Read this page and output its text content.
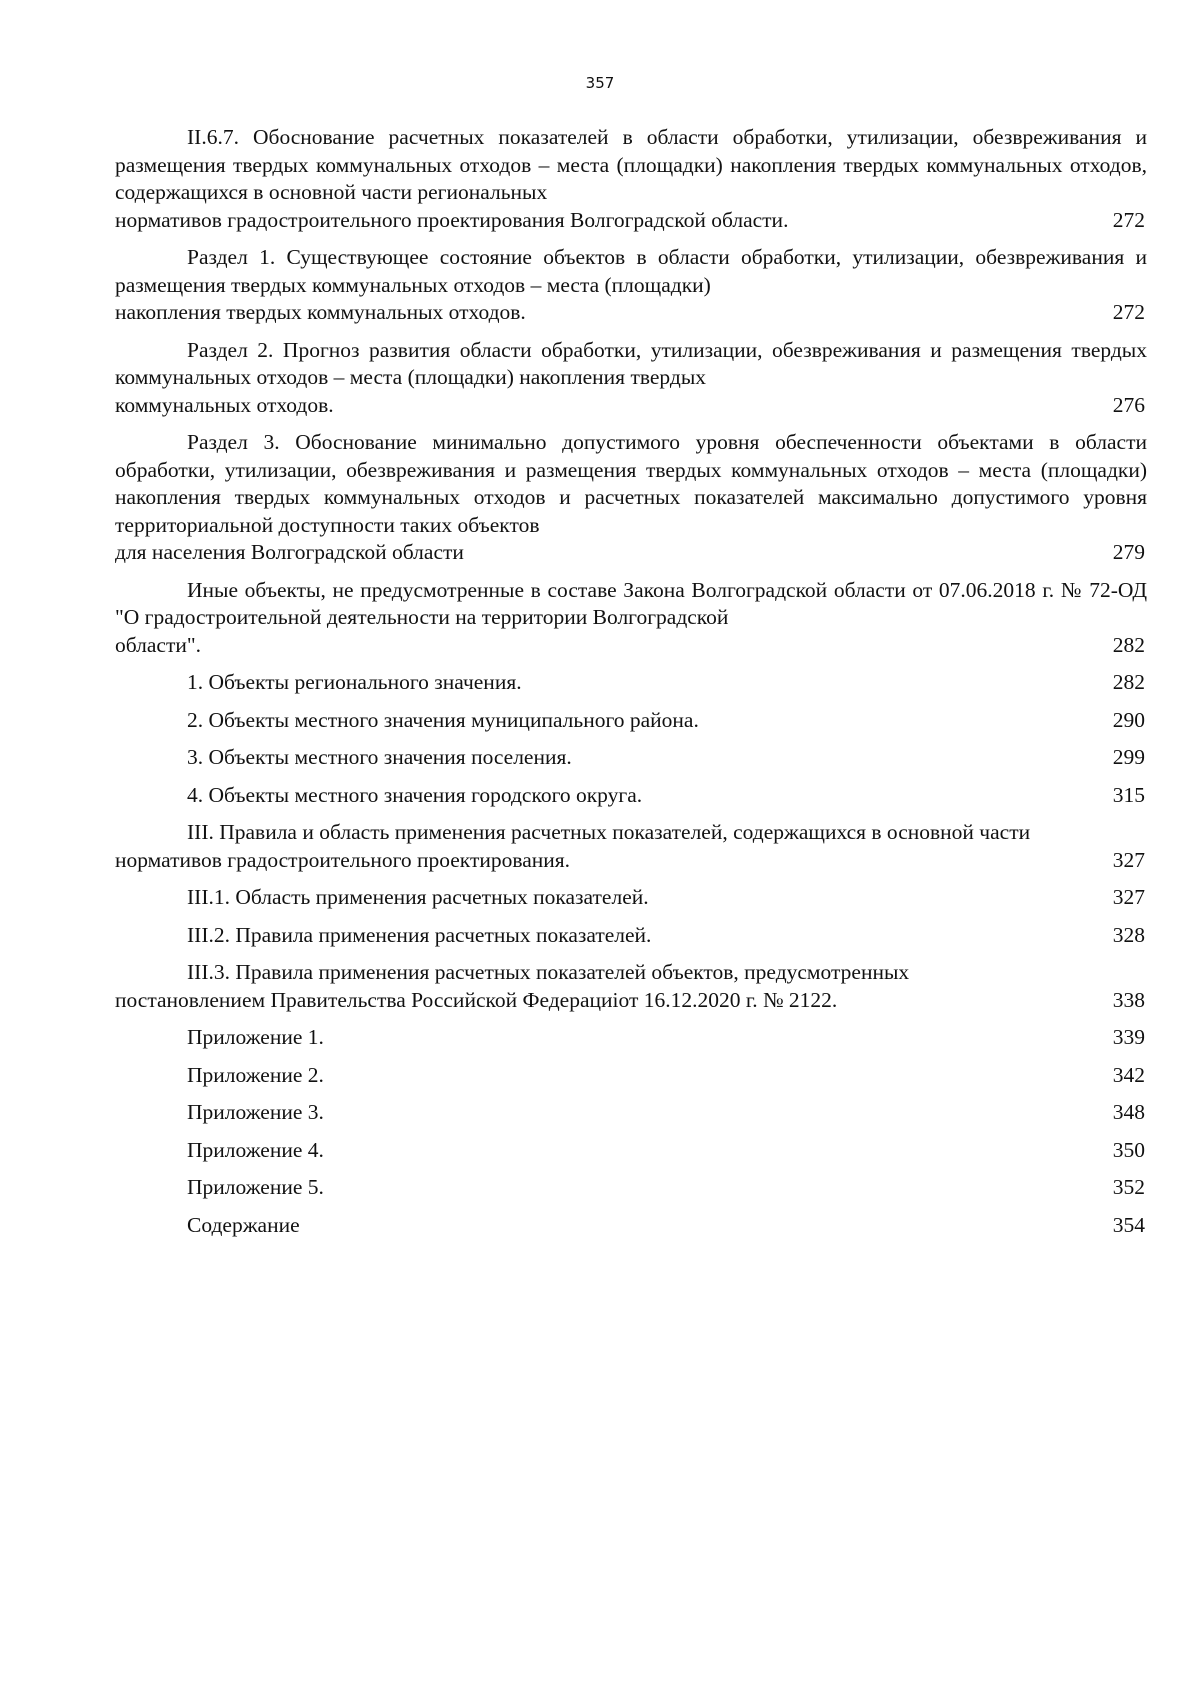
357
II.6.7. Обоснование расчетных показателей в области обработки, утилизации, обезвреживания и размещения твердых коммунальных отходов – места (площадки) накопления твердых коммунальных отходов, содержащихся в основной части региональных
нормативов градостроительного проектирования Волгоградской области.	272
Раздел 1. Существующее состояние объектов в области обработки, утилизации, обезвреживания и размещения твердых коммунальных отходов – места (площадки)
накопления твердых коммунальных отходов.	272
Раздел 2. Прогноз развития области обработки, утилизации, обезвреживания и размещения твердых коммунальных отходов – места (площадки) накопления твердых
коммунальных отходов.	276
Раздел 3. Обоснование минимально допустимого уровня обеспеченности объектами в области обработки, утилизации, обезвреживания и размещения твердых коммунальных отходов – места (площадки) накопления твердых коммунальных отходов и расчетных показателей максимально допустимого уровня территориальной доступности таких объектов
для населения Волгоградской области	279
Иные объекты, не предусмотренные в составе Закона Волгоградской области от 07.06.2018 г. № 72-ОД "О градостроительной деятельности на территории Волгоградской
области".	282
1. Объекты регионального значения.	282
2. Объекты местного значения муниципального района.	290
3. Объекты местного значения поселения.	299
4. Объекты местного значения городского округа.	315
III. Правила и область применения расчетных показателей, содержащихся в основной части
нормативов градостроительного проектирования.	327
III.1. Область применения расчетных показателей.	327
III.2. Правила применения расчетных показателей.	328
III.3. Правила применения расчетных показателей объектов, предусмотренных
постановлением Правительства Российской Федерациiот 16.12.2020 г. № 2122.	338
Приложение 1.	339
Приложение 2.	342
Приложение 3.	348
Приложение 4.	350
Приложение 5.	352
Содержание	354
